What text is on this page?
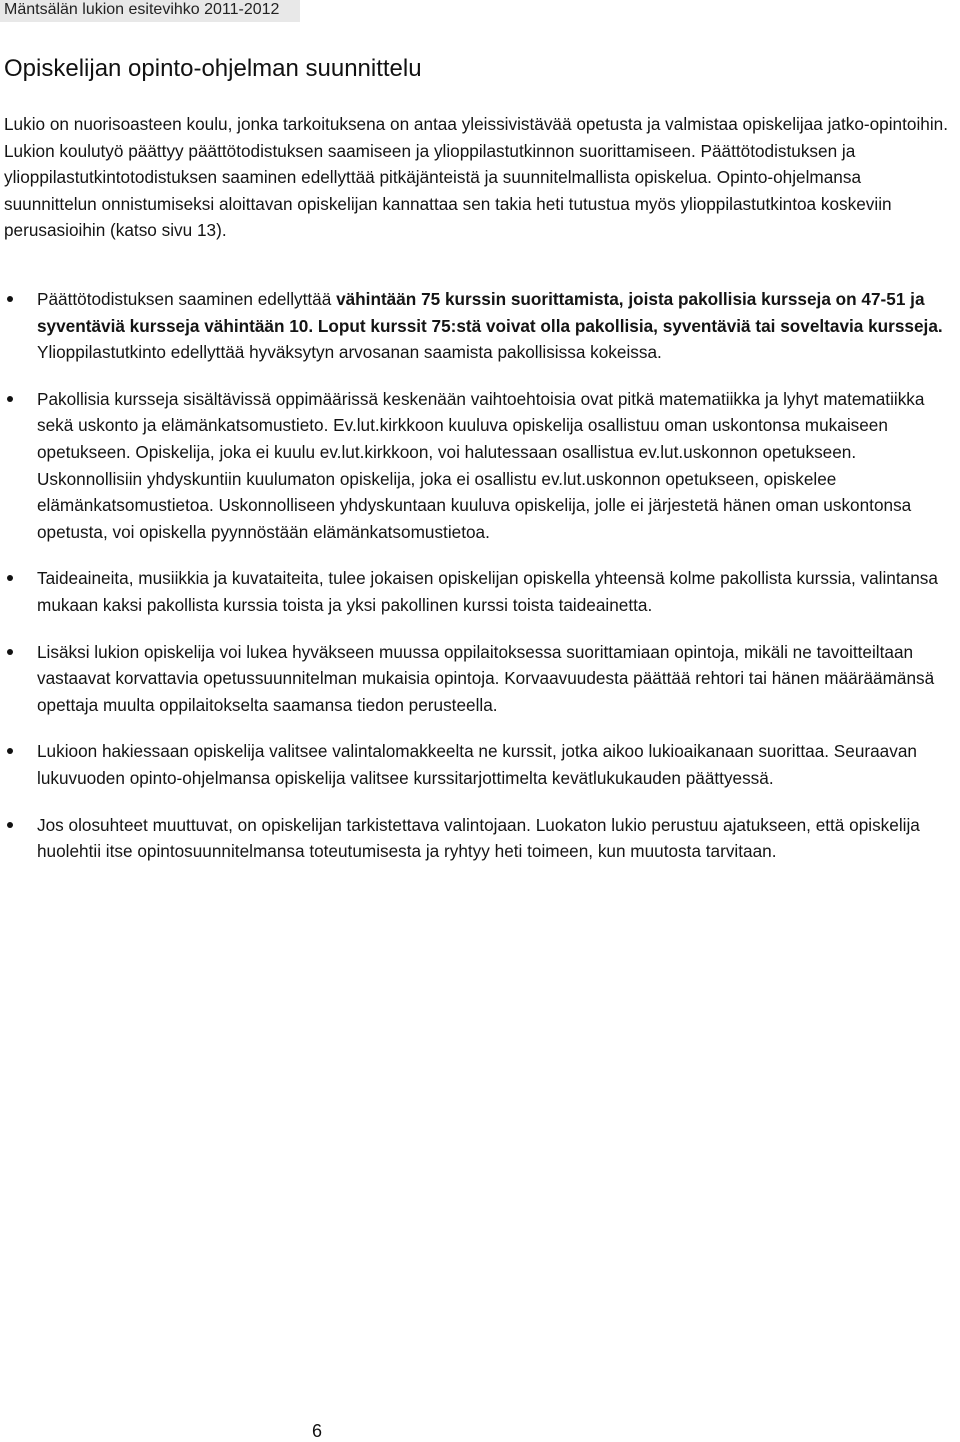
Mäntsälän lukion esitevihko 2011-2012
Opiskelijan opinto-ohjelman suunnittelu

Lukio on nuorisoasteen koulu, jonka tarkoituksena on antaa yleissivistävää opetusta ja valmistaa opiskelijaa jatko-opintoihin. Lukion koulutyö päättyy päättötodistuksen saamiseen ja ylioppilastutkinnon suorittamiseen. Päättötodistuksen ja ylioppilastutkintotodistuksen saaminen edellyttää pitkäjänteistä ja suunnitelmallista opiskelua. Opinto-ohjelmansa suunnittelun onnistumiseksi aloittavan opiskelijan kannattaa sen takia heti tutustua myös ylioppilastutkintoa koskeviin perusasioihin (katso sivu 13).

Päättötodistuksen saaminen edellyttää vähintään 75 kurssin suorittamista, joista pakollisia kursseja on 47-51 ja syventäviä kursseja vähintään 10. Loput kurssit 75:stä voivat olla pakollisia, syventäviä tai soveltavia kursseja. Ylioppilastutkinto edellyttää hyväksytyn arvosanan saamista pakollisissa kokeissa.
Pakollisia kursseja sisältävissä oppimäärissä keskenään vaihtoehtoisia ovat pitkä matematiikka ja lyhyt matematiikka sekä uskonto ja elämänkatsomustieto. Ev.lut.kirkkoon kuuluva opiskelija osallistuu oman uskontonsa mukaiseen opetukseen. Opiskelija, joka ei kuulu ev.lut.kirkkoon, voi halutessaan osallistua ev.lut.uskonnon opetukseen. Uskonnollisiin yhdyskuntiin kuulumaton opiskelija, joka ei osallistu ev.lut.uskonnon opetukseen, opiskelee elämänkatsomustietoa. Uskonnolliseen yhdyskuntaan kuuluva opiskelija, jolle ei järjestetä hänen oman uskontonsa opetusta, voi opiskella pyynnöstään elämänkatsomustietoa.
Taideaineita, musiikkia ja kuvataiteita, tulee jokaisen opiskelijan opiskella yhteensä kolme pakollista kurssia, valintansa mukaan kaksi pakollista kurssia toista ja yksi pakollinen kurssi toista taideainetta.
Lisäksi lukion opiskelija voi lukea hyväkseen muussa oppilaitoksessa suorittamiaan opintoja, mikäli ne tavoitteiltaan vastaavat korvattavia opetussuunnitelman mukaisia opintoja. Korvaavuudesta päättää rehtori tai hänen määräämänsä opettaja muulta oppilaitokselta saamansa tiedon perusteella.
Lukioon hakiessaan opiskelija valitsee valintalomakkeelta ne kurssit, jotka aikoo lukioaikanaan suorittaa. Seuraavan lukuvuoden opinto-ohjelmansa opiskelija valitsee kurssitarjottimelta kevätlukukauden päättyessä.
Jos olosuhteet muuttuvat, on opiskelijan tarkistettava valintojaan. Luokaton lukio perustuu ajatukseen, että opiskelija huolehtii itse opintosuunnitelmansa toteutumisesta ja ryhtyy heti toimeen, kun muutosta tarvitaan.
6
